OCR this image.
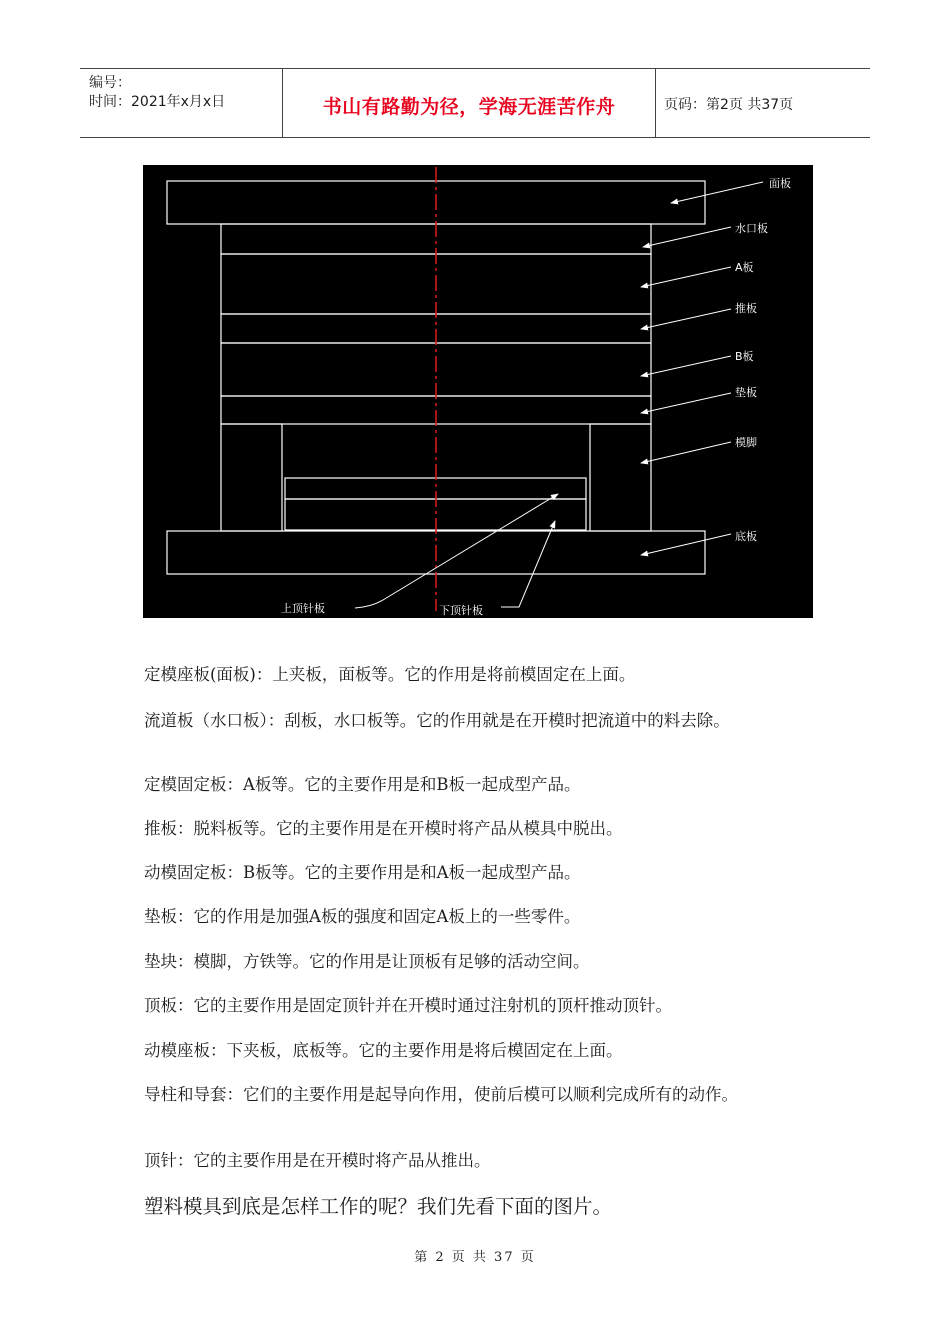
编号：
时间：2021年x月x日	书山有路勤为径，学海无涯苦作舟	页码：第2页 共37页
面板
水口板
A板
推板
B板
垫板
模脚
底板
上顶针板	下顶针板

定模座板(面板)：上夹板，面板等。它的作用是将前模固定在上面。

流道板（水口板）：刮板，水口板等。它的作用就是在开模时把流道中的料去除。

定模固定板：A板等。它的主要作用是和B板一起成型产品。

推板：脱料板等。它的主要作用是在开模时将产品从模具中脱出。

动模固定板：B板等。它的主要作用是和A板一起成型产品。

垫板：它的作用是加强A板的强度和固定A板上的一些零件。

垫块：模脚，方铁等。它的作用是让顶板有足够的活动空间。

顶板：它的主要作用是固定顶针并在开模时通过注射机的顶杆推动顶针。

动模座板：下夹板，底板等。它的主要作用是将后模固定在上面。

导柱和导套：它们的主要作用是起导向作用，使前后模可以顺利完成所有的动作。

顶针：它的主要作用是在开模时将产品从推出。

塑料模具到底是怎样工作的呢？我们先看下面的图片。

第 2 页 共 37 页
